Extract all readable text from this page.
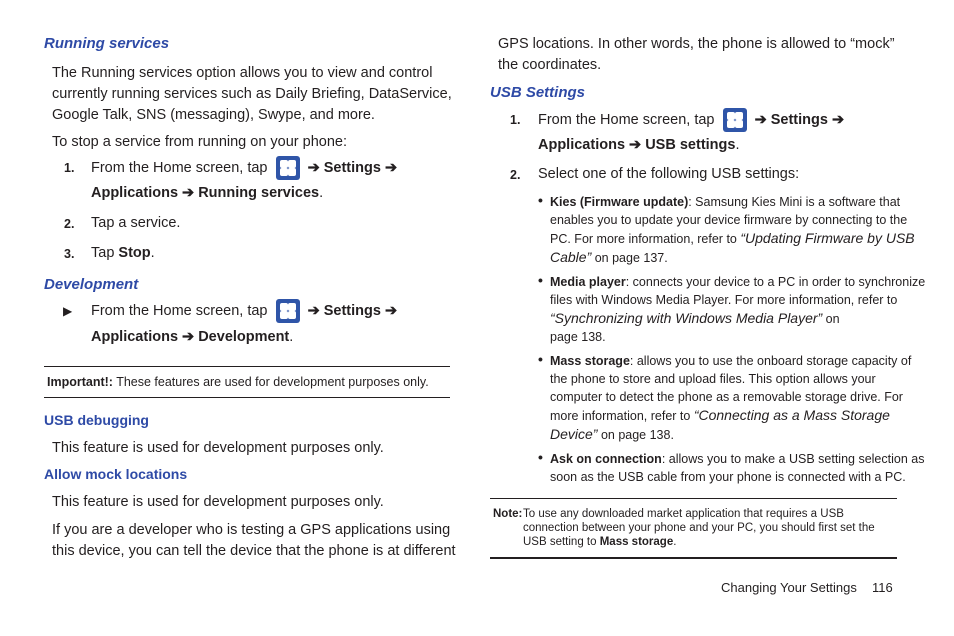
Running services
The Running services option allows you to view and control
currently running services such as Daily Briefing, DataService,
Google Talk, SNS (messaging), Swype, and more.
To stop a service from running on your phone:
1. From the Home screen, tap	➔ Settings ➔
Applications ➔ Running services.
2. Tap a service.
3. Tap Stop.
Development
▶ From the Home screen, tap	➔ Settings ➔
Applications ➔ Development.
Important!: These features are used for development purposes only.
USB debugging
This feature is used for development purposes only.
Allow mock locations
This feature is used for development purposes only.
If you are a developer who is testing a GPS applications using
this device, you can tell the device that the phone is at different
GPS locations. In other words, the phone is allowed to “mock”
the coordinates.
USB Settings
1. From the Home screen, tap	➔ Settings ➔
Applications ➔ USB settings.
2. Select one of the following USB settings:
• Kies (Firmware update): Samsung Kies Mini is a software that
enables you to update your device firmware by connecting to the
PC. For more information, refer to “Updating Firmware by USB
Cable” on page 137.
• Media player: connects your device to a PC in order to synchronize
files with Windows Media Player. For more information, refer to
“Synchronizing with Windows Media Player” on
page 138.
• Mass storage: allows you to use the onboard storage capacity of
the phone to store and upload files. This option allows your
computer to detect the phone as a removable storage drive. For
more information, refer to “Connecting as a Mass Storage
Device” on page 138.
• Ask on connection: allows you to make a USB setting selection as
soon as the USB cable from your phone is connected with a PC.
Note: To use any downloaded market application that requires a USB
connection between your phone and your PC, you should first set the
USB setting to Mass storage.
Changing Your Settings 116
